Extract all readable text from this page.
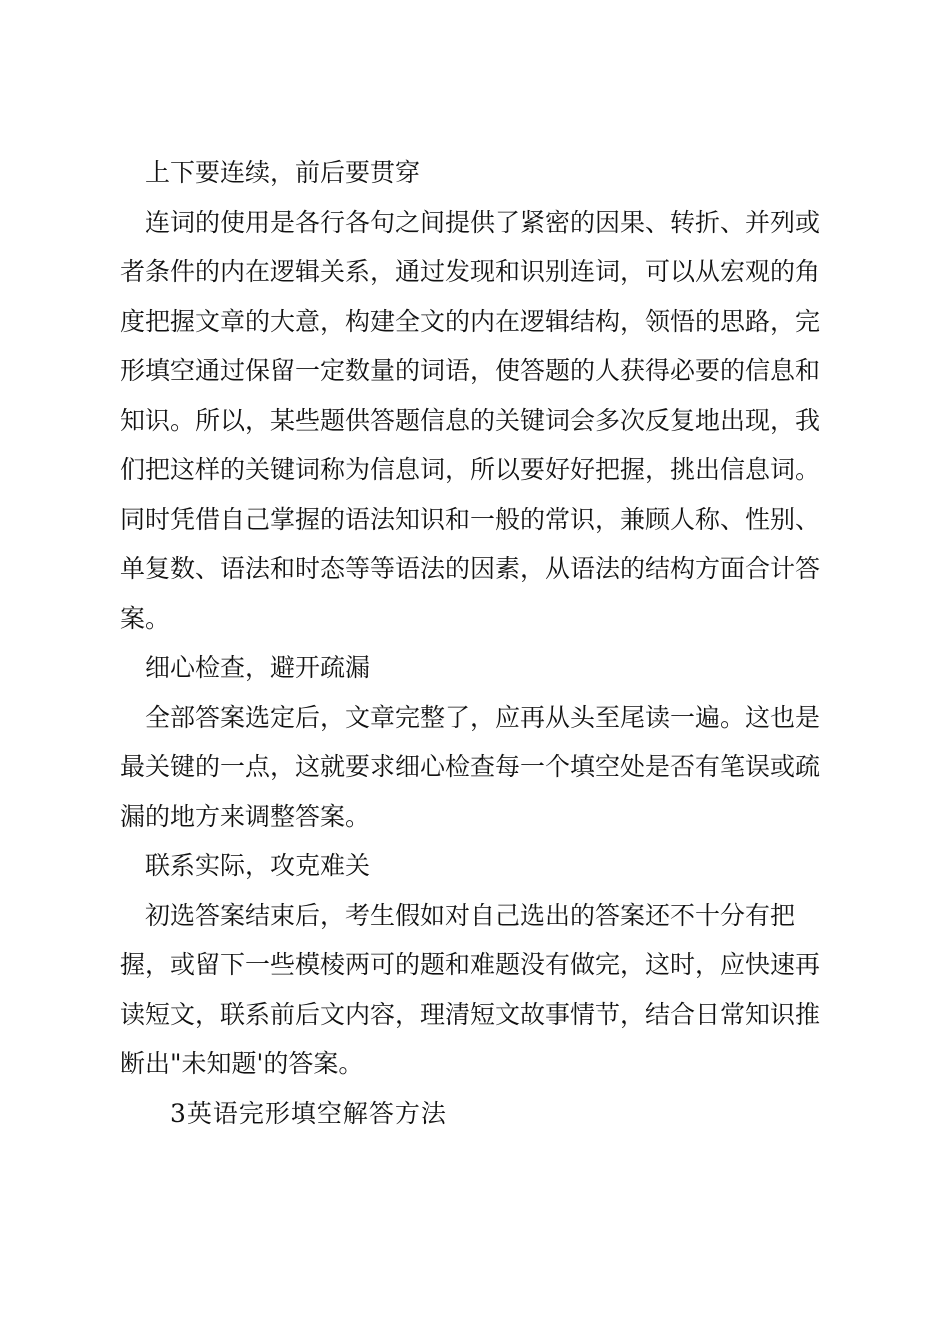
上下要连续，前后要贯穿

连词的使用是各行各句之间提供了紧密的因果、转折、并列或者条件的内在逻辑关系，通过发现和识别连词，可以从宏观的角度把握文章的大意，构建全文的内在逻辑结构，领悟的思路，完形填空通过保留一定数量的词语，使答题的人获得必要的信息和知识。所以，某些题供答题信息的关键词会多次反复地出现，我们把这样的关键词称为信息词，所以要好好把握，挑出信息词。同时凭借自己掌握的语法知识和一般的常识，兼顾人称、性别、单复数、语法和时态等等语法的因素，从语法的结构方面合计答案。

细心检查，避开疏漏

全部答案选定后，文章完整了，应再从头至尾读一遍。这也是最关键的一点，这就要求细心检查每一个填空处是否有笔误或疏漏的地方来调整答案。

联系实际，攻克难关

初选答案结束后，考生假如对自己选出的答案还不十分有把握，或留下一些模棱两可的题和难题没有做完，这时，应快速再读短文，联系前后文内容，理清短文故事情节，结合日常知识推断出"未知题'的答案。

3英语完形填空解答方法
